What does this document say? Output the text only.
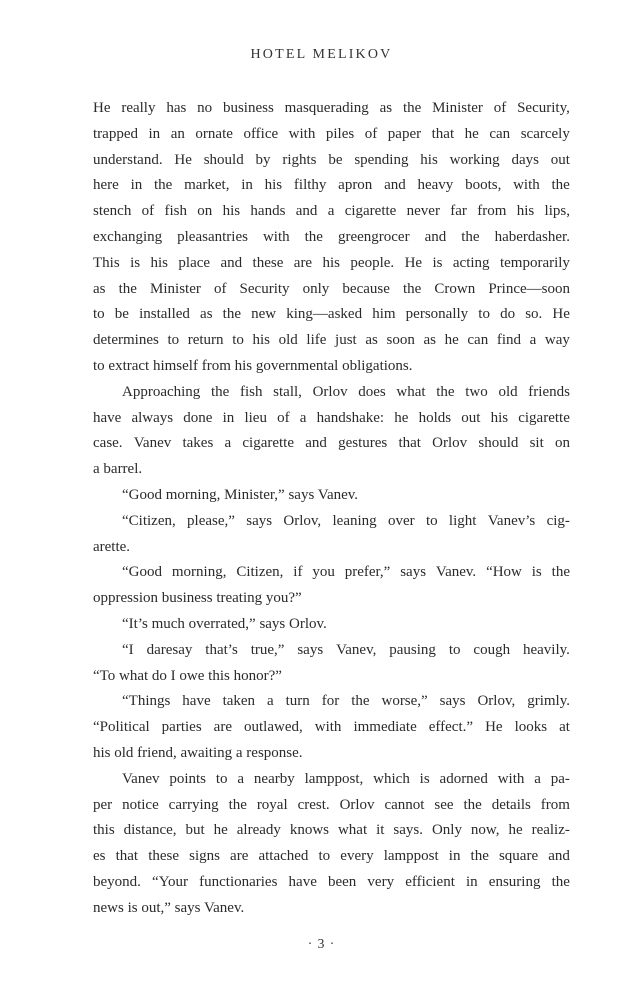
HOTEL MELIKOV
He really has no business masquerading as the Minister of Security,
trapped in an ornate office with piles of paper that he can scarcely
understand. He should by rights be spending his working days out
here in the market, in his filthy apron and heavy boots, with the
stench of fish on his hands and a cigarette never far from his lips,
exchanging pleasantries with the greengrocer and the haberdasher.
This is his place and these are his people. He is acting temporarily
as the Minister of Security only because the Crown Prince—soon
to be installed as the new king—asked him personally to do so. He
determines to return to his old life just as soon as he can find a way
to extract himself from his governmental obligations.
Approaching the fish stall, Orlov does what the two old friends
have always done in lieu of a handshake: he holds out his cigarette
case. Vanev takes a cigarette and gestures that Orlov should sit on
a barrel.
“Good morning, Minister,” says Vanev.
“Citizen, please,” says Orlov, leaning over to light Vanev’s cig-
arette.
“Good morning, Citizen, if you prefer,” says Vanev. “How is the
oppression business treating you?”
“It’s much overrated,” says Orlov.
“I daresay that’s true,” says Vanev, pausing to cough heavily.
“To what do I owe this honor?”
“Things have taken a turn for the worse,” says Orlov, grimly.
“Political parties are outlawed, with immediate effect.” He looks at
his old friend, awaiting a response.
Vanev points to a nearby lamppost, which is adorned with a pa-
per notice carrying the royal crest. Orlov cannot see the details from
this distance, but he already knows what it says. Only now, he realiz-
es that these signs are attached to every lamppost in the square and
beyond. “Your functionaries have been very efficient in ensuring the
news is out,” says Vanev.
· 3 ·
